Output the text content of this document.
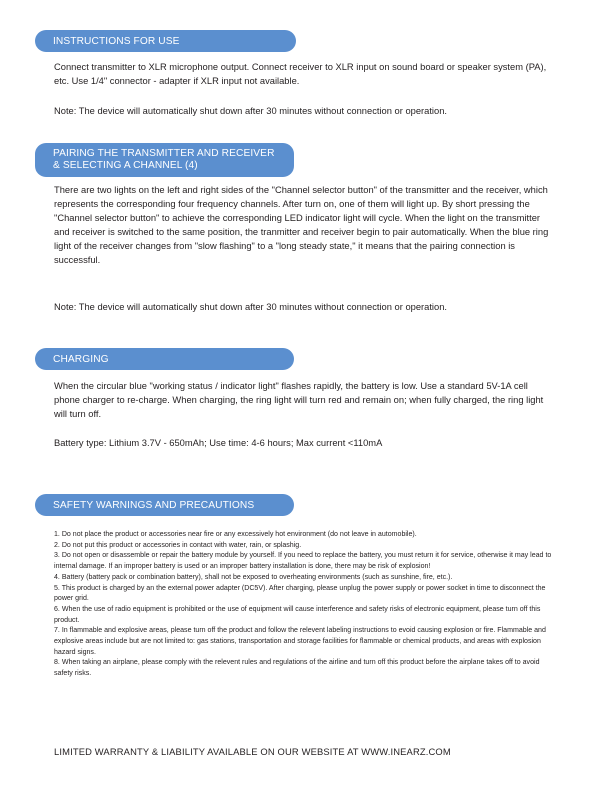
INSTRUCTIONS FOR USE

Connect transmitter to XLR microphone output. Connect receiver to XLR input on sound board or speaker system (PA), etc. Use 1/4" connector - adapter if XLR input not available.

Note: The device will automatically shut down after 30 minutes without connection or operation.

PAIRING THE TRANSMITTER AND RECEIVER
& SELECTING A CHANNEL (4)

There are two lights on the left and right sides of the "Channel selector button" of the transmitter and the receiver, which represents the corresponding four frequency channels. After turn on, one of them will light up. By short pressing the "Channel selector button" to achieve the corresponding LED indicator light will cycle. When the light on the transmitter and receiver is switched to the same position, the tranmitter and receiver begin to pair automatically. When the blue ring light of the receiver changes from "slow flashing" to a "long steady state," it means that the pairing connection is successful.

Note: The device will automatically shut down after 30 minutes without connection or operation.

CHARGING

When the circular blue "working status / indicator light" flashes rapidly, the battery is low. Use a standard 5V-1A cell phone charger to re-charge. When charging, the ring light will turn red and remain on; when fully charged, the ring light will turn off.

Battery type: Lithium 3.7V - 650mAh; Use time: 4-6 hours; Max current <110mA

SAFETY WARNINGS AND PRECAUTIONS
1. Do not place the product or accessories near fire or any excessively hot environment (do not leave in automobile).
2. Do not put this product or accessories in contact with water, rain, or splashig.
3. Do not open or disassemble or repair the battery module by yourself. If you need to replace the battery, you must return it for service, otherwise it may lead to internal damage. If an improper battery is used or an improper battery installation is done, there may be risk of explosion!
4. Battery (battery pack or combination battery), shall not be exposed to overheating environments (such as sunshine, fire, etc.).
5. This product is charged by an the external power adapter (DC5V). After charging, please unplug the power supply or power socket in time to disconnect the power grid.
6. When the use of radio equipment is prohibited or the use of equipment will cause interference and safety risks of electronic equipment, please turn off this product.
7. In flammable and explosive areas, please turn off the product and follow the relevent labeling instructions to evoid causing explosion or fire. Flammable and explosive areas include but are not limited to: gas stations, transportation and storage facilities for flammable or chemical products, and areas with explosion hazard signs.
8. When taking an airplane, please comply with the relevent rules and regulations of the airline and turn off this product before the airplane takes off to avoid safety risks.

LIMITED WARRANTY & LIABILITY AVAILABLE ON OUR WEBSITE AT WWW.INEARZ.COM
